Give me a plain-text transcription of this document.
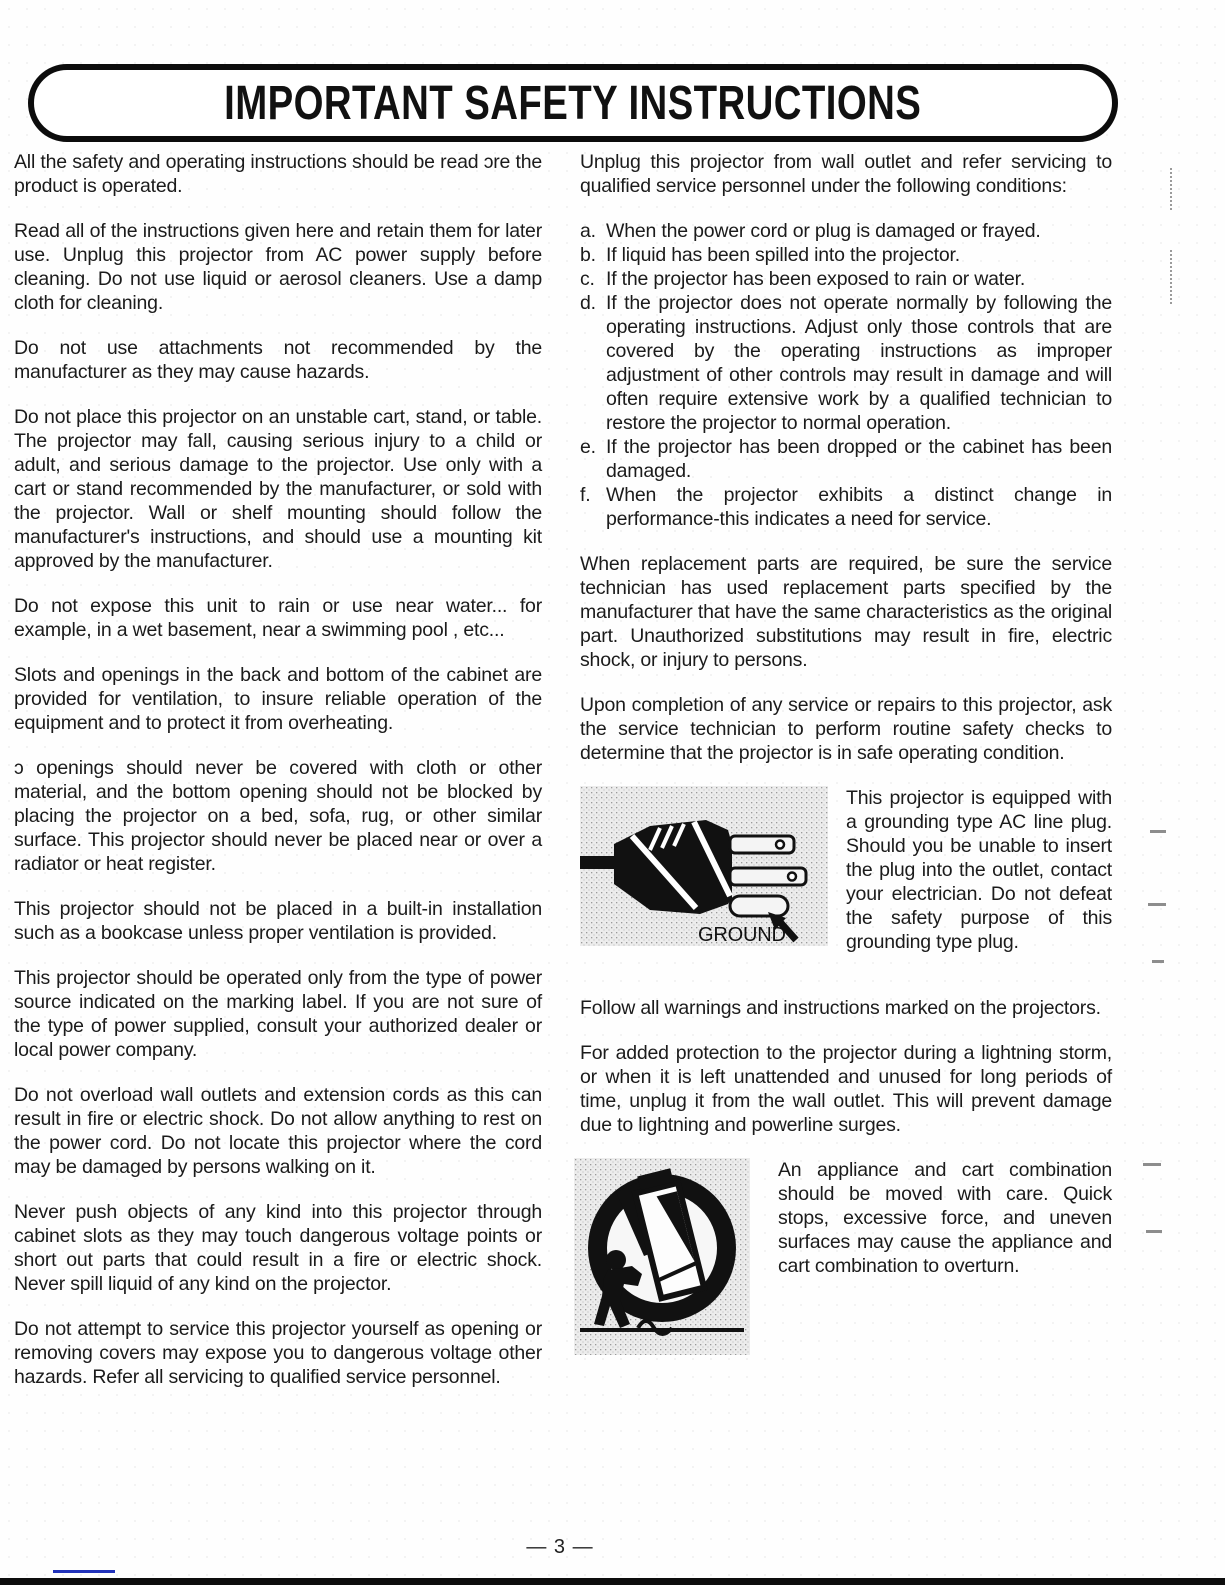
IMPORTANT SAFETY INSTRUCTIONS

All the safety and operating instructions should be read ɔre the product is operated.

Read all of the instructions given here and retain them for later use. Unplug this projector from AC power supply before cleaning. Do not use liquid or aerosol cleaners. Use a damp cloth for cleaning.

Do not use attachments not recommended by the manufacturer as they may cause hazards.

Do not place this projector on an unstable cart, stand, or table. The projector may fall, causing serious injury to a child or adult, and serious damage to the projector. Use only with a cart or stand recommended by the manufacturer, or sold with the projector. Wall or shelf mounting should follow the manufacturer's instructions, and should use a mounting kit approved by the manufacturer.

Do not expose this unit to rain or use near water... for example, in a wet basement, near a swimming pool , etc...

Slots and openings in the back and bottom of the cabinet are provided for ventilation, to insure reliable operation of the equipment and to protect it from overheating.

ɔ openings should never be covered with cloth or other material, and the bottom opening should not be blocked by placing the projector on a bed, sofa, rug, or other similar surface. This projector should never be placed near or over a radiator or heat register.

This projector should not be placed in a built-in installation such as a bookcase unless proper ventilation is provided.

This projector should be operated only from the type of power source indicated on the marking label. If you are not sure of the type of power supplied, consult your authorized dealer or local power company.

Do not overload wall outlets and extension cords as this can result in fire or electric shock. Do not allow anything to rest on the power cord. Do not locate this projector where the cord may be damaged by persons walking on it.

Never push objects of any kind into this projector through cabinet slots as they may touch dangerous voltage points or short out parts that could result in a fire or electric shock. Never spill liquid of any kind on the projector.

Do not attempt to service this projector yourself as opening or removing covers may expose you to dangerous voltage other hazards. Refer all servicing to qualified service personnel.

Unplug this projector from wall outlet and refer servicing to qualified service personnel under the following conditions:

a. When the power cord or plug is damaged or frayed.
b. If liquid has been spilled into the projector.
c. If the projector has been exposed to rain or water.
d. If the projector does not operate normally by following the operating instructions. Adjust only those controls that are covered by the operating instructions as improper adjustment of other controls may result in damage and will often require extensive work by a qualified technician to restore the projector to normal operation.
e. If the projector has been dropped or the cabinet has been damaged.
f. When the projector exhibits a distinct change in performance-this indicates a need for service.

When replacement parts are required, be sure the service technician has used replacement parts specified by the manufacturer that have the same characteristics as the original part. Unauthorized substitutions may result in fire, electric shock, or injury to persons.

Upon completion of any service or repairs to this projector, ask the service technician to perform routine safety checks to determine that the projector is in safe operating condition.

GROUND

This projector is equipped with a grounding type AC line plug. Should you be unable to insert the plug into the outlet, contact your electrician. Do not defeat the safety purpose of this grounding type plug.

Follow all warnings and instructions marked on the projectors.

For added protection to the projector during a lightning storm, or when it is left unattended and unused for long periods of time, unplug it from the wall outlet. This will prevent damage due to lightning and powerline surges.

An appliance and cart combination should be moved with care. Quick stops, excessive force, and uneven surfaces may cause the appliance and cart combination to overturn.

— 3 —
